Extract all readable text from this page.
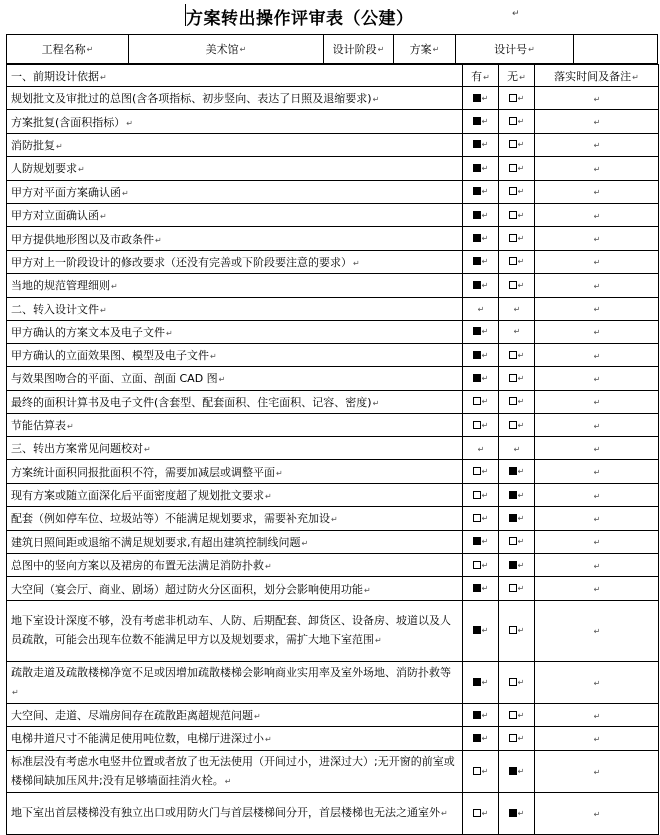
方案转出操作评审表（公建）	↵
工程名称 ↵	美术馆 ↵	设计阶段 ↵ 方案 ↵	设计号 ↵
一、前期设计依据↵	有↵	无↵	落实时间及备注↵
规划批文及审批过的总图(含各项指标、初步竖向、表达了日照及退缩要求)↵	↵	↵	↵
方案批复(含面积指标）↵	↵	↵	↵
消防批复↵	↵	↵	↵
人防规划要求↵	↵	↵	↵
甲方对平面方案确认函↵	↵	↵	↵
甲方对立面确认函↵	↵	↵	↵
甲方提供地形图以及市政条件↵	↵	↵	↵
甲方对上一阶段设计的修改要求（还没有完善或下阶段要注意的要求）↵	↵	↵	↵
当地的规范管理细则↵	↵	↵	↵
二、转入设计文件↵	↵	↵	↵
甲方确认的方案文本及电子文件↵	↵	↵	↵
甲方确认的立面效果图、模型及电子文件↵	↵	↵	↵
与效果图吻合的平面、立面、剖面 CAD 图↵	↵	↵	↵
最终的面积计算书及电子文件(含套型、配套面积、住宅面积、记容、密度)↵	↵	↵	↵
节能估算表↵	↵	↵	↵
三、转出方案常见问题校对↵	↵	↵	↵
方案统计面积同报批面积不符，需要加减层或调整平面↵	↵	↵	↵
现有方案或随立面深化后平面密度超了规划批文要求↵	↵	↵	↵
配套（例如停车位、垃圾站等）不能满足规划要求，需要补充加设↵	↵	↵	↵
建筑日照间距或退缩不满足规划要求,有超出建筑控制线问题↵	↵	↵	↵
总图中的竖向方案以及裙房的布置无法满足消防扑救↵	↵	↵	↵
大空间（宴会厅、商业、剧场）超过防火分区面积，划分会影响使用功能↵	↵	↵	↵
地下室设计深度不够，没有考虑非机动车、人防、后期配套、卸货区、设备房、坡道以及人员疏散，可能会出现车位数不能满足甲方以及规划要求，需扩大地下室范围↵	↵	↵	↵
疏散走道及疏散楼梯净宽不足或因增加疏散楼梯会影响商业实用率及室外场地、消防扑救等↵	↵	↵	↵
大空间、走道、尽端房间存在疏散距离超规范问题↵	↵	↵	↵
电梯井道尺寸不能满足使用吨位数，电梯厅进深过小↵	↵	↵	↵
标准层没有考虑水电竖井位置或者放了也无法使用（开间过小，进深过大）;无开窗的前室或楼梯间缺加压风井;没有足够墙面挂消火栓。↵	↵	↵	↵
地下室出首层楼梯没有独立出口或用防火门与首层楼梯间分开，首层楼梯也无法之通室外↵	↵	↵	↵
